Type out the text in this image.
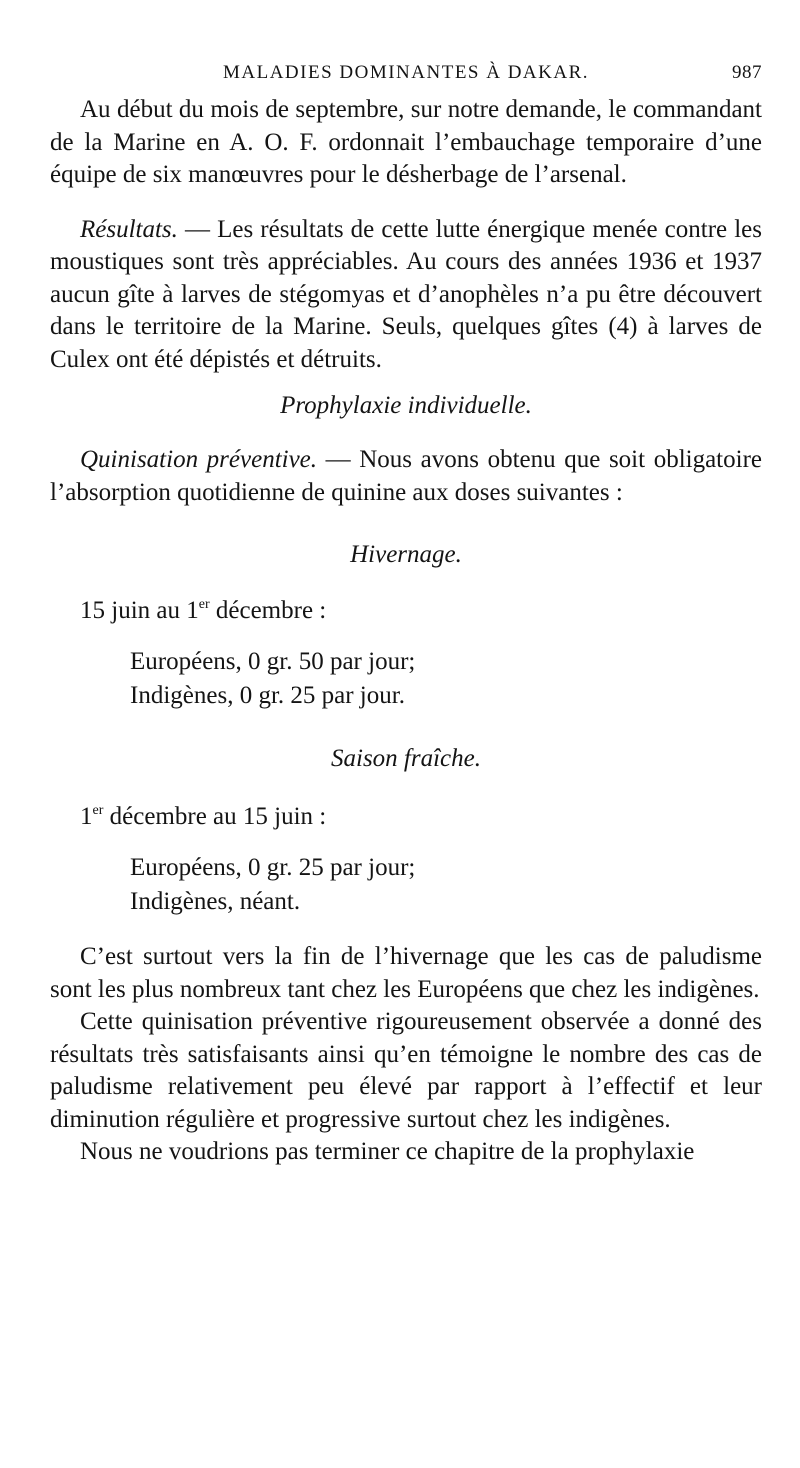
MALADIES DOMINANTES À DAKAR.	987

Au début du mois de septembre, sur notre demande, le commandant de la Marine en A. O. F. ordonnait l’embauchage temporaire d’une équipe de six manœuvres pour le désherbage de l’arsenal.

Résultats. — Les résultats de cette lutte énergique menée contre les moustiques sont très appréciables. Au cours des années 1936 et 1937 aucun gîte à larves de stégomyas et d’anophèles n’a pu être découvert dans le territoire de la Marine. Seuls, quelques gîtes (4) à larves de Culex ont été dépistés et détruits.

Prophylaxie individuelle.

Quinisation préventive. — Nous avons obtenu que soit obligatoire l’absorption quotidienne de quinine aux doses suivantes :

Hivernage.

15 juin au 1er décembre :
Européens, 0 gr. 50 par jour;
Indigènes, 0 gr. 25 par jour.

Saison fraîche.

1er décembre au 15 juin :
Européens, 0 gr. 25 par jour;
Indigènes, néant.

C’est surtout vers la fin de l’hivernage que les cas de paludisme sont les plus nombreux tant chez les Européens que chez les indigènes.

Cette quinisation préventive rigoureusement observée a donné des résultats très satisfaisants ainsi qu’en témoigne le nombre des cas de paludisme relativement peu élevé par rapport à l’effectif et leur diminution régulière et progressive surtout chez les indigènes.

Nous ne voudrions pas terminer ce chapitre de la prophylaxie
